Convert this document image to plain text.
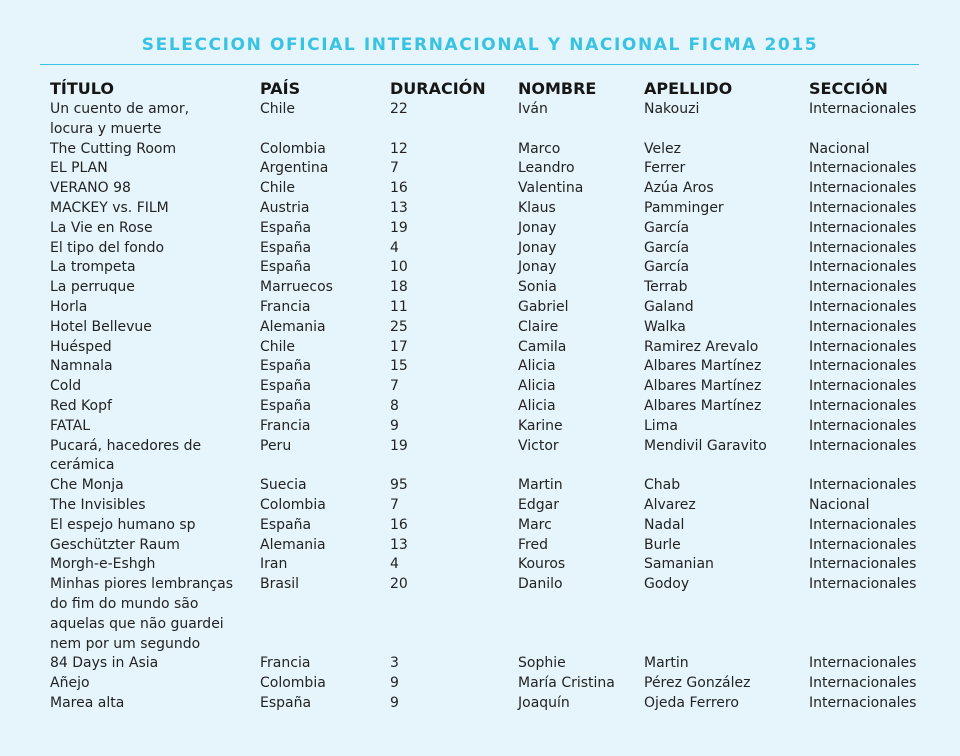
SELECCION OFICIAL INTERNACIONAL Y NACIONAL FICMA 2015
TÍTULO	PAÍS	DURACIÓN	NOMBRE	APELLIDO	SECCIÓN
Un cuento de amor,
locura y muerte	Chile	22	Iván	Nakouzi	Internacionales
The Cutting Room	Colombia	12	Marco	Velez	Nacional
EL PLAN	Argentina	7	Leandro	Ferrer	Internacionales
VERANO 98	Chile	16	Valentina	Azúa Aros	Internacionales
MACKEY vs. FILM	Austria	13	Klaus	Pamminger	Internacionales
La Vie en Rose	España	19	Jonay	García	Internacionales
El tipo del fondo	España	4	Jonay	García	Internacionales
La trompeta	España	10	Jonay	García	Internacionales
La perruque	Marruecos	18	Sonia	Terrab	Internacionales
Horla	Francia	11	Gabriel	Galand	Internacionales
Hotel Bellevue	Alemania	25	Claire	Walka	Internacionales
Huésped	Chile	17	Camila	Ramirez Arevalo	Internacionales
Namnala	España	15	Alicia	Albares Martínez	Internacionales
Cold	España	7	Alicia	Albares Martínez	Internacionales
Red Kopf	España	8	Alicia	Albares Martínez	Internacionales
FATAL	Francia	9	Karine	Lima	Internacionales
Pucará, hacedores de
cerámica	Peru	19	Victor	Mendivil Garavito	Internacionales
Che Monja	Suecia	95	Martin	Chab	Internacionales
The Invisibles	Colombia	7	Edgar	Alvarez	Nacional
El espejo humano sp	España	16	Marc	Nadal	Internacionales
Geschützter Raum	Alemania	13	Fred	Burle	Internacionales
Morgh-e-Eshgh	Iran	4	Kouros	Samanian	Internacionales
Minhas piores lembranças
do fim do mundo são
aquelas que não guardei
nem por um segundo	Brasil	20	Danilo	Godoy	Internacionales
84 Days in Asia	Francia	3	Sophie	Martin	Internacionales
Añejo	Colombia	9	María Cristina	Pérez González	Internacionales
Marea alta	España	9	Joaquín	Ojeda Ferrero	Internacionales
